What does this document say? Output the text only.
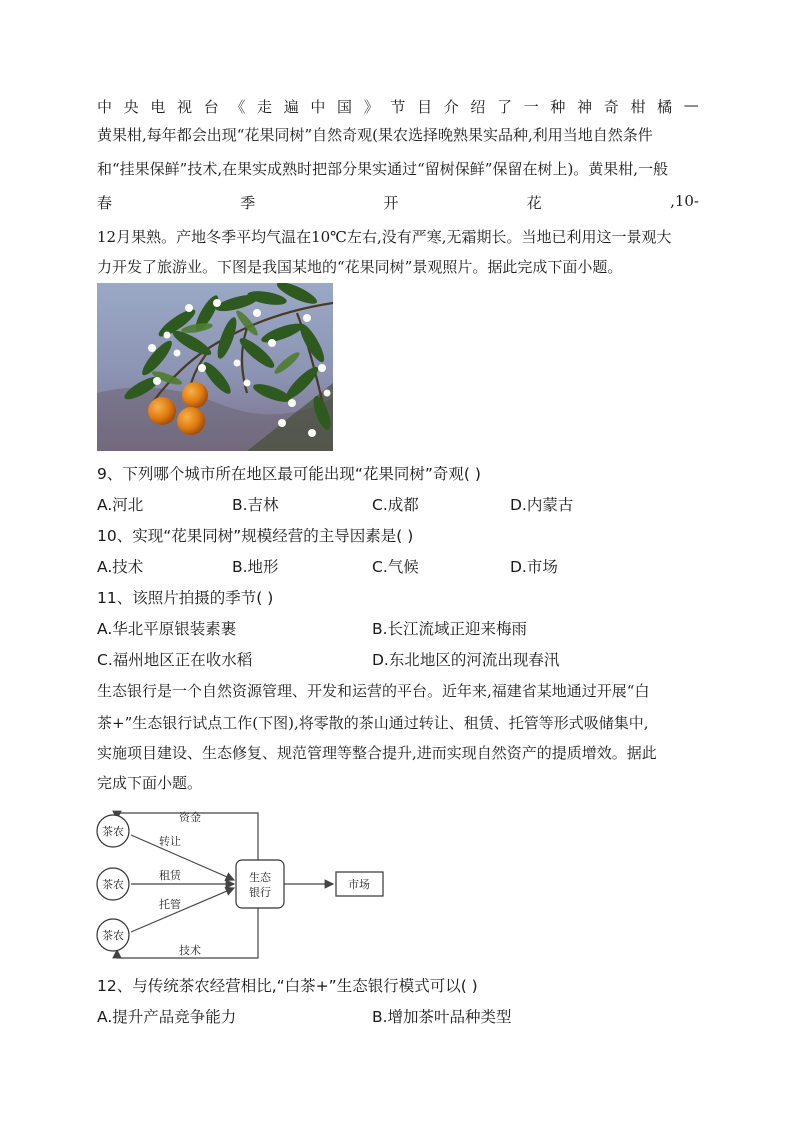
中 央 电 视 台 《 走 遍 中 国 》 节 目 介 绍 了 一 种 神 奇 柑 橘 —
黄果柑,每年都会出现“花果同树”自然奇观(果农选择晚熟果实品种,利用当地自然条件
和“挂果保鲜”技术,在果实成熟时把部分果实通过“留树保鲜”保留在树上)。黄果柑,一般
春	季	开	花	,10-
12月果熟。产地冬季平均气温在10℃左右,没有严寒,无霜期长。当地已利用这一景观大
力开发了旅游业。下图是我国某地的“花果同树”景观照片。据此完成下面小题。
9、下列哪个城市所在地区最可能出现“花果同树”奇观( )
A.河北	B.吉林	C.成都	D.内蒙古
10、实现“花果同树”规模经营的主导因素是( )
A.技术	B.地形	C.气候	D.市场
11、该照片拍摄的季节( )
A.华北平原银装素裹	B.长江流域正迎来梅雨
C.福州地区正在收水稻	D.东北地区的河流出现春汛
生态银行是一个自然资源管理、开发和运营的平台。近年来,福建省某地通过开展“白
茶+”生态银行试点工作(下图),将零散的茶山通过转让、租赁、托管等形式吸储集中,
实施项目建设、生态修复、规范管理等整合提升,进而实现自然资产的提质增效。据此
完成下面小题。
茶农
茶农
茶农
生态
银行
市场
资金
转让
租赁
托管
技术
12、与传统茶农经营相比,“白茶+”生态银行模式可以( )
A.提升产品竞争能力	B.增加茶叶品种类型
